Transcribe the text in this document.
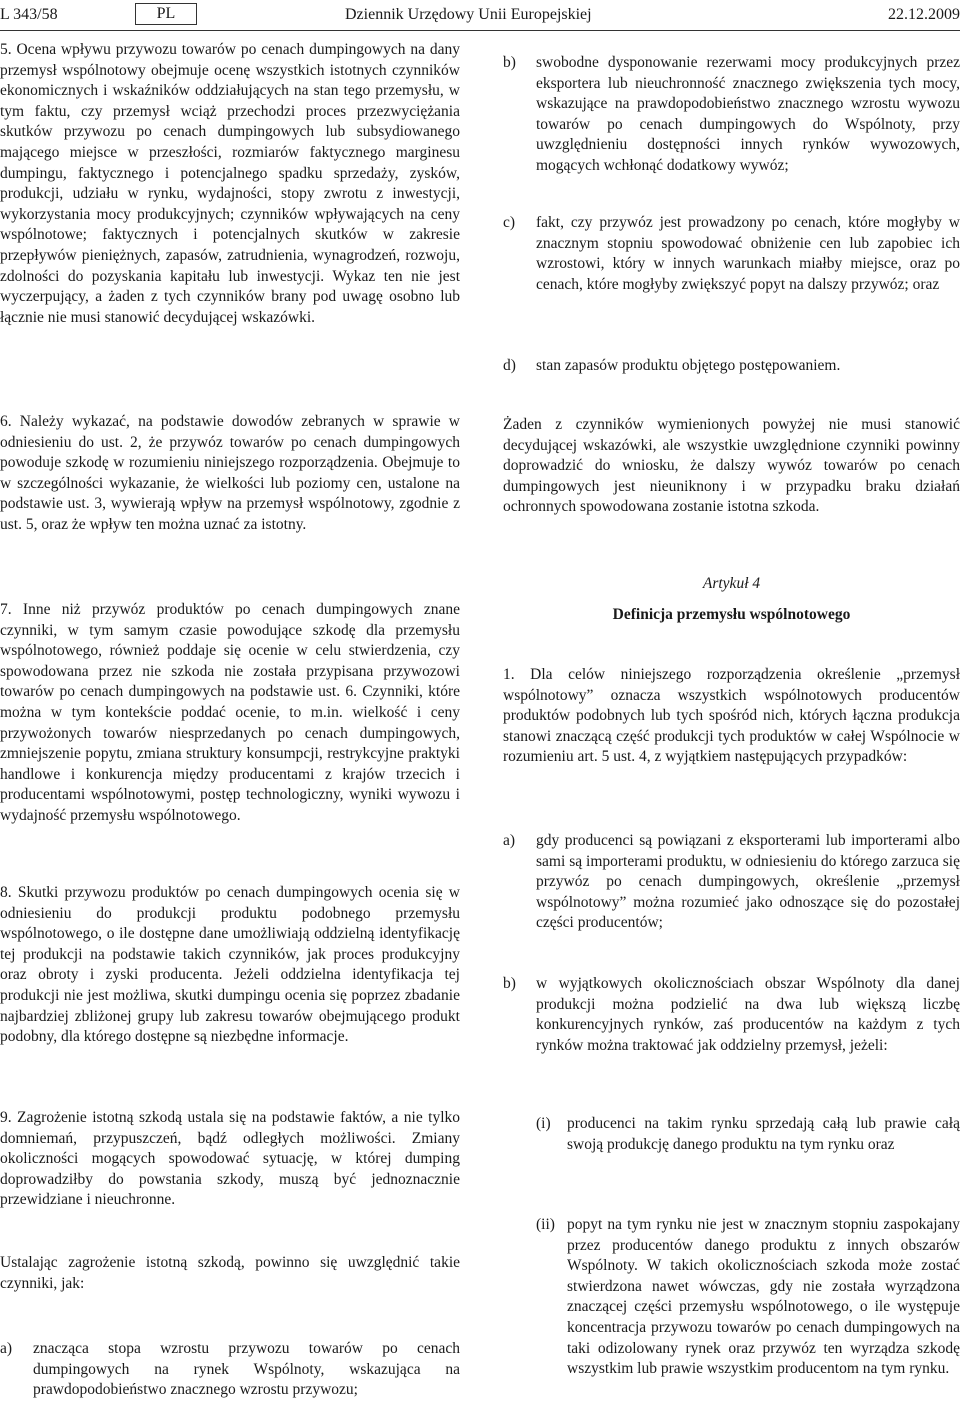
L 343/58	PL	Dziennik Urzędowy Unii Europejskiej	22.12.2009

5. Ocena wpływu przywozu towarów po cenach dumpingowych na dany przemysł wspólnotowy obejmuje ocenę wszystkich istotnych czynników ekonomicznych i wskaźników oddziałujących na stan tego przemysłu, w tym faktu, czy przemysł wciąż przechodzi proces przezwyciężania skutków przywozu po cenach dumpingowych lub subsydiowanego mającego miejsce w przeszłości, rozmiarów faktycznego marginesu dumpingu, faktycznego i potencjalnego spadku sprzedaży, zysków, produkcji, udziału w rynku, wydajności, stopy zwrotu z inwestycji, wykorzystania mocy produkcyjnych; czynników wpływających na ceny wspólnotowe; faktycznych i potencjalnych skutków w zakresie przepływów pieniężnych, zapasów, zatrudnienia, wynagrodzeń, rozwoju, zdolności do pozyskania kapitału lub inwestycji. Wykaz ten nie jest wyczerpujący, a żaden z tych czynników brany pod uwagę osobno lub łącznie nie musi stanowić decydującej wskazówki.

6. Należy wykazać, na podstawie dowodów zebranych w sprawie w odniesieniu do ust. 2, że przywóz towarów po cenach dumpingowych powoduje szkodę w rozumieniu niniejszego rozporządzenia. Obejmuje to w szczególności wykazanie, że wielkości lub poziomy cen, ustalone na podstawie ust. 3, wywierają wpływ na przemysł wspólnotowy, zgodnie z ust. 5, oraz że wpływ ten można uznać za istotny.

7. Inne niż przywóz produktów po cenach dumpingowych znane czynniki, w tym samym czasie powodujące szkodę dla przemysłu wspólnotowego, również poddaje się ocenie w celu stwierdzenia, czy spowodowana przez nie szkoda nie została przypisana przywozowi towarów po cenach dumpingowych na podstawie ust. 6. Czynniki, które można w tym kontekście poddać ocenie, to m.in. wielkość i ceny przywożonych towarów niesprzedanych po cenach dumpingowych, zmniejszenie popytu, zmiana struktury konsumpcji, restrykcyjne praktyki handlowe i konkurencja między producentami z krajów trzecich i producentami wspólnotowymi, postęp technologiczny, wyniki wywozu i wydajność przemysłu wspólnotowego.

8. Skutki przywozu produktów po cenach dumpingowych ocenia się w odniesieniu do produkcji produktu podobnego przemysłu wspólnotowego, o ile dostępne dane umożliwiają oddzielną identyfikację tej produkcji na podstawie takich czynników, jak proces produkcyjny oraz obroty i zyski producenta. Jeżeli oddzielna identyfikacja tej produkcji nie jest możliwa, skutki dumpingu ocenia się poprzez zbadanie najbardziej zbliżonej grupy lub zakresu towarów obejmującego produkt podobny, dla którego dostępne są niezbędne informacje.

9. Zagrożenie istotną szkodą ustala się na podstawie faktów, a nie tylko domniemań, przypuszczeń, bądź odległych możliwości. Zmiany okoliczności mogących spowodować sytuację, w której dumping doprowadziłby do powstania szkody, muszą być jednoznacznie przewidziane i nieuchronne.

Ustalając zagrożenie istotną szkodą, powinno się uwzględnić takie czynniki, jak:

a) znacząca stopa wzrostu przywozu towarów po cenach dumpingowych na rynek Wspólnoty, wskazująca na prawdopodobieństwo znacznego wzrostu przywozu;
b) swobodne dysponowanie rezerwami mocy produkcyjnych przez eksportera lub nieuchronność znacznego zwiększenia tych mocy, wskazujące na prawdopodobieństwo znacznego wzrostu wywozu towarów po cenach dumpingowych do Wspólnoty, przy uwzględnieniu dostępności innych rynków wywozowych, mogących wchłonąć dodatkowy wywóz;
c) fakt, czy przywóz jest prowadzony po cenach, które mogłyby w znacznym stopniu spowodować obniżenie cen lub zapobiec ich wzrostowi, który w innych warunkach miałby miejsce, oraz po cenach, które mogłyby zwiększyć popyt na dalszy przywóz; oraz
d) stan zapasów produktu objętego postępowaniem.

Żaden z czynników wymienionych powyżej nie musi stanowić decydującej wskazówki, ale wszystkie uwzględnione czynniki powinny doprowadzić do wniosku, że dalszy wywóz towarów po cenach dumpingowych jest nieuniknony i w przypadku braku działań ochronnych spowodowana zostanie istotna szkoda.

Artykuł 4
Definicja przemysłu wspólnotowego

1. Dla celów niniejszego rozporządzenia określenie „przemysł wspólnotowy” oznacza wszystkich wspólnotowych producentów produktów podobnych lub tych spośród nich, których łączna produkcja stanowi znaczącą część produkcji tych produktów w całej Wspólnocie w rozumieniu art. 5 ust. 4, z wyjątkiem następujących przypadków:

a) gdy producenci są powiązani z eksporterami lub importerami albo sami są importerami produktu, w odniesieniu do którego zarzuca się przywóz po cenach dumpingowych, określenie „przemysł wspólnotowy” można rozumieć jako odnoszące się do pozostałej części producentów;
b) w wyjątkowych okolicznościach obszar Wspólnoty dla danej produkcji można podzielić na dwa lub większą liczbę konkurencyjnych rynków, zaś producentów na każdym z tych rynków można traktować jak oddzielny przemysł, jeżeli:
(i) producenci na takim rynku sprzedają całą lub prawie całą swoją produkcję danego produktu na tym rynku oraz
(ii) popyt na tym rynku nie jest w znacznym stopniu zaspokajany przez producentów danego produktu z innych obszarów Wspólnoty. W takich okolicznościach szkoda może zostać stwierdzona nawet wówczas, gdy nie została wyrządzona znaczącej części przemysłu wspólnotowego, o ile występuje koncentracja przywozu towarów po cenach dumpingowych na taki odizolowany rynek oraz przywóz ten wyrządza szkodę wszystkim lub prawie wszystkim producentom na tym rynku.
